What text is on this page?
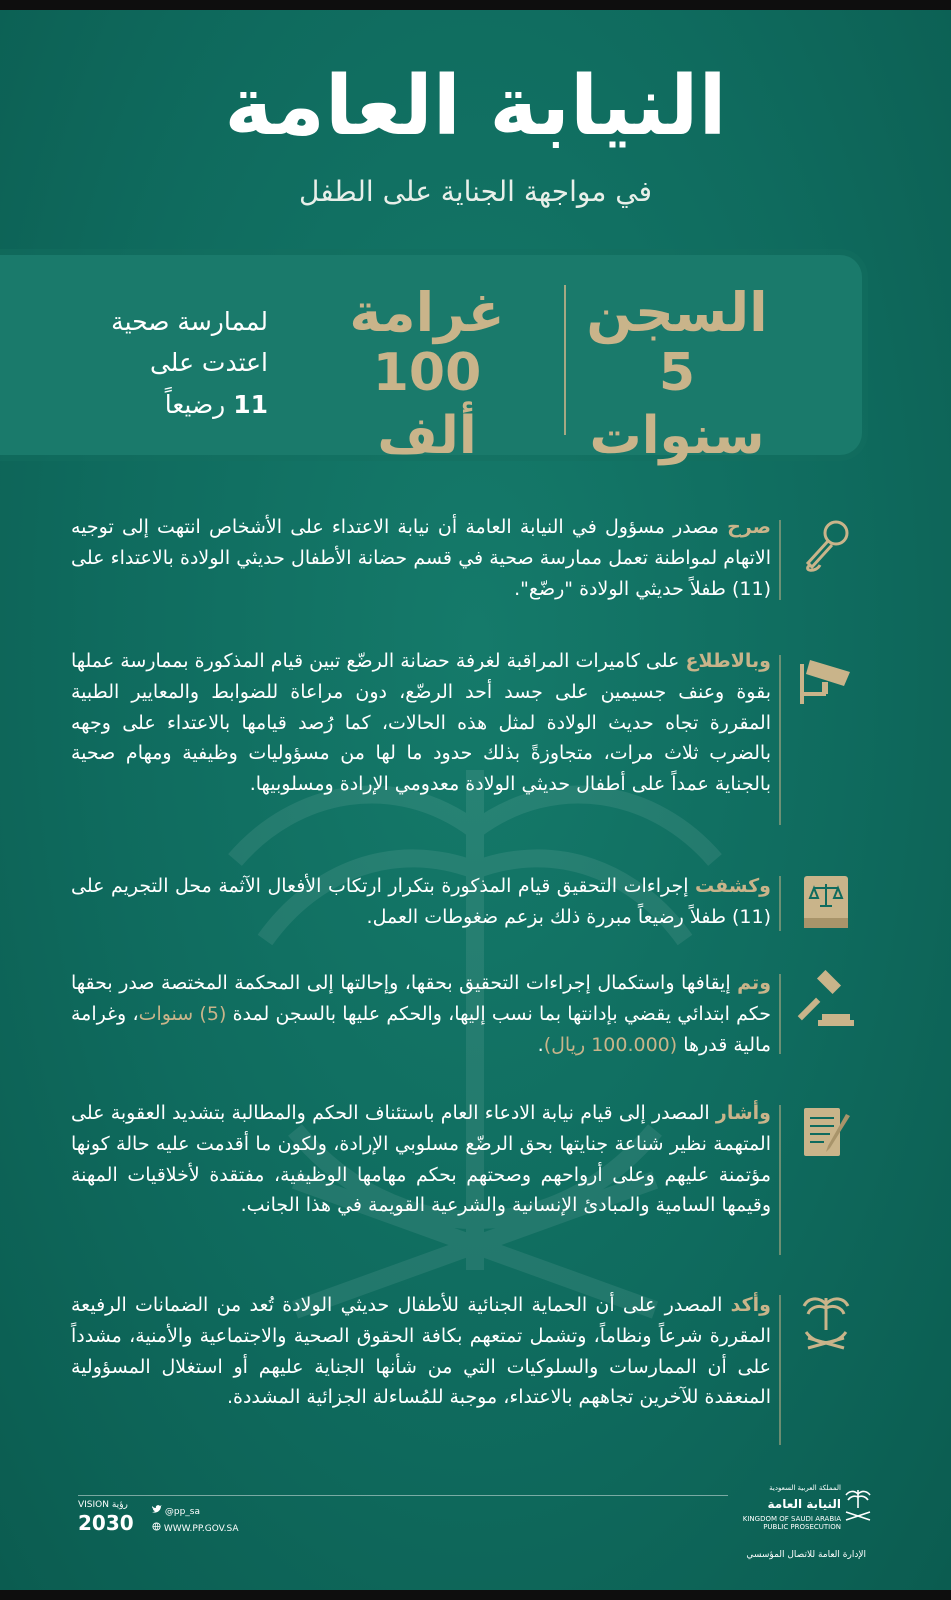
النيابة العامة
في مواجهة الجناية على الطفل
السجن
5 سنوات
غرامة
100 ألف
لممارسة صحية
اعتدت على
11 رضيعاً
صرح مصدر مسؤول في النيابة العامة أن نيابة الاعتداء على الأشخاص انتهت إلى توجيه الاتهام لمواطنة تعمل ممارسة صحية في قسم حضانة الأطفال حديثي الولادة بالاعتداء على (11) طفلاً حديثي الولادة "رضّع".
وبالاطلاع على كاميرات المراقبة لغرفة حضانة الرضّع تبين قيام المذكورة بممارسة عملها بقوة وعنف جسيمين على جسد أحد الرضّع، دون مراعاة للضوابط والمعايير الطبية المقررة تجاه حديث الولادة لمثل هذه الحالات، كما رُصد قيامها بالاعتداء على وجهه بالضرب ثلاث مرات، متجاوزةً بذلك حدود ما لها من مسؤوليات وظيفية ومهام صحية بالجناية عمداً على أطفال حديثي الولادة معدومي الإرادة ومسلوبيها.
وكشفت إجراءات التحقيق قيام المذكورة بتكرار ارتكاب الأفعال الآثمة محل التجريم على (11) طفلاً رضيعاً مبررة ذلك بزعم ضغوطات العمل.
وتم إيقافها واستكمال إجراءات التحقيق بحقها، وإحالتها إلى المحكمة المختصة صدر بحقها حكم ابتدائي يقضي بإدانتها بما نسب إليها، والحكم عليها بالسجن لمدة (5) سنوات، وغرامة مالية قدرها (100.000 ريال).
وأشار المصدر إلى قيام نيابة الادعاء العام باستئناف الحكم والمطالبة بتشديد العقوبة على المتهمة نظير شناعة جنايتها بحق الرضّع مسلوبي الإرادة، ولكون ما أقدمت عليه حالة كونها مؤتمنة عليهم وعلى أرواحهم وصحتهم بحكم مهامها الوظيفية، مفتقدة لأخلاقيات المهنة وقيمها السامية والمبادئ الإنسانية والشرعية القويمة في هذا الجانب.
وأكد المصدر على أن الحماية الجنائية للأطفال حديثي الولادة تُعد من الضمانات الرفيعة المقررة شرعاً ونظاماً، وتشمل تمتعهم بكافة الحقوق الصحية والاجتماعية والأمنية، مشدداً على أن الممارسات والسلوكيات التي من شأنها الجناية عليهم أو استغلال المسؤولية المنعقدة للآخرين تجاههم بالاعتداء، موجبة للمُساءلة الجزائية المشددة.
VISION رؤية
2030	@pp_sa
WWW.PP.GOV.SA
المملكة العربية السعودية
النيابة العامة
KINGDOM OF SAUDI ARABIA
PUBLIC PROSECUTION
الإدارة العامة للاتصال المؤسسي
